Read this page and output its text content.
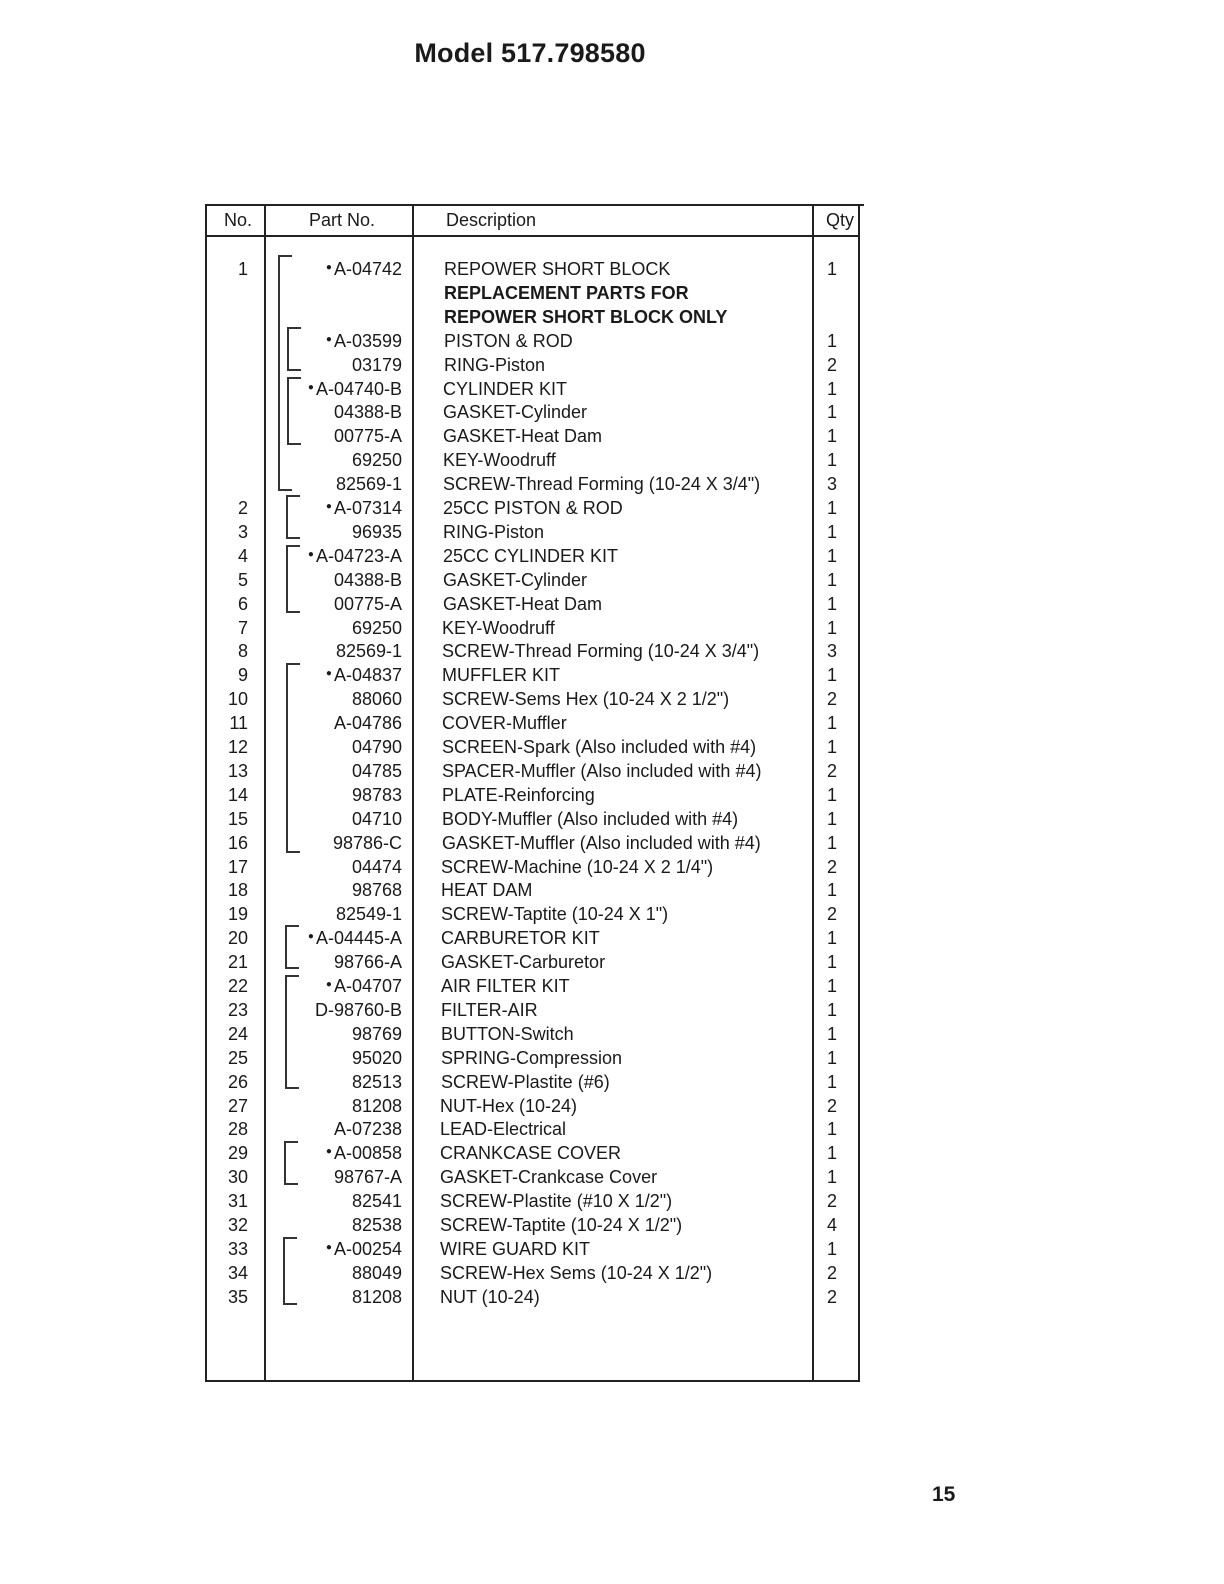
Model 517.798580
No.	Part No.	Description	Qty
1	● A-04742 REPOWER SHORT BLOCK	1
REPLACEMENT PARTS FOR
REPOWER SHORT BLOCK ONLY
● A-03599 PISTON & ROD	1
03179 RING-Piston	2
● A-04740-B CYLINDER KIT	1
04388-B GASKET-Cylinder	1
00775-A GASKET-Heat Dam	1
69250 KEY-Woodruff	1
82569-1 SCREW-Thread Forming (10-24 X 3/4")	3
2	● A-07314 25CC PISTON & ROD	1
3	96935 RING-Piston	1
4	● A-04723-A 25CC CYLINDER KIT	1
5	04388-B GASKET-Cylinder	1
6	00775-A GASKET-Heat Dam	1
7	69250 KEY-Woodruff	1
8	82569-1 SCREW-Thread Forming (10-24 X 3/4")	3
9	● A-04837 MUFFLER KIT	1
10	88060 SCREW-Sems Hex (10-24 X 2 1/2")	2
11	A-04786 COVER-Muffler	1
12	04790 SCREEN-Spark (Also included with #4)	1
13	04785 SPACER-Muffler (Also included with #4)	2
14	98783 PLATE-Reinforcing	1
15	04710 BODY-Muffler (Also included with #4)	1
16	98786-C GASKET-Muffler (Also included with #4)	1
17	04474 SCREW-Machine (10-24 X 2 1/4")	2
18	98768 HEAT DAM	1
19	82549-1 SCREW-Taptite (10-24 X 1")	2
20	● A-04445-A CARBURETOR KIT	1
21	98766-A GASKET-Carburetor	1
22	● A-04707 AIR FILTER KIT	1
23	D-98760-B FILTER-AIR	1
24	98769 BUTTON-Switch	1
25	95020 SPRING-Compression	1
26	82513 SCREW-Plastite (#6)	1
27	81208 NUT-Hex (10-24)	2
28	A-07238 LEAD-Electrical	1
29	● A-00858 CRANKCASE COVER	1
30	98767-A GASKET-Crankcase Cover	1
31	82541 SCREW-Plastite (#10 X 1/2")	2
32	82538 SCREW-Taptite (10-24 X 1/2")	4
33	● A-00254 WIRE GUARD KIT	1
34	88049 SCREW-Hex Sems (10-24 X 1/2")	2
35	81208 NUT (10-24)	2
15
